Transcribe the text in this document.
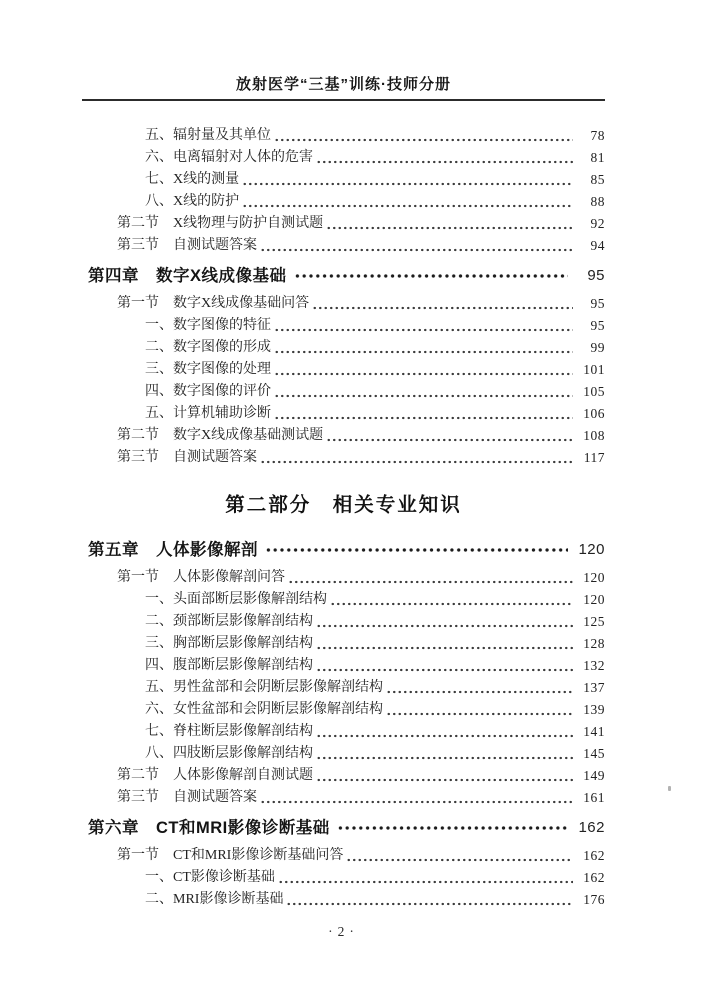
放射医学“三基”训练·技师分册
五、辐射量及其单位	78
六、电离辐射对人体的危害	81
七、X线的测量	85
八、X线的防护	88
第二节　X线物理与防护自测试题	92
第三节　自测试题答案	94
第四章　数字X线成像基础	95
第一节　数字X线成像基础问答	95
一、数字图像的特征	95
二、数字图像的形成	99
三、数字图像的处理	101
四、数字图像的评价	105
五、计算机辅助诊断	106
第二节　数字X线成像基础测试题	108
第三节　自测试题答案	117
第二部分　相关专业知识
第五章　人体影像解剖	120
第一节　人体影像解剖问答	120
一、头面部断层影像解剖结构	120
二、颈部断层影像解剖结构	125
三、胸部断层影像解剖结构	128
四、腹部断层影像解剖结构	132
五、男性盆部和会阴断层影像解剖结构	137
六、女性盆部和会阴断层影像解剖结构	139
七、脊柱断层影像解剖结构	141
八、四肢断层影像解剖结构	145
第二节　人体影像解剖自测试题	149
第三节　自测试题答案	161
第六章　CT和MRI影像诊断基础	162
第一节　CT和MRI影像诊断基础问答	162
一、CT影像诊断基础	162
二、MRI影像诊断基础	176
·2·
